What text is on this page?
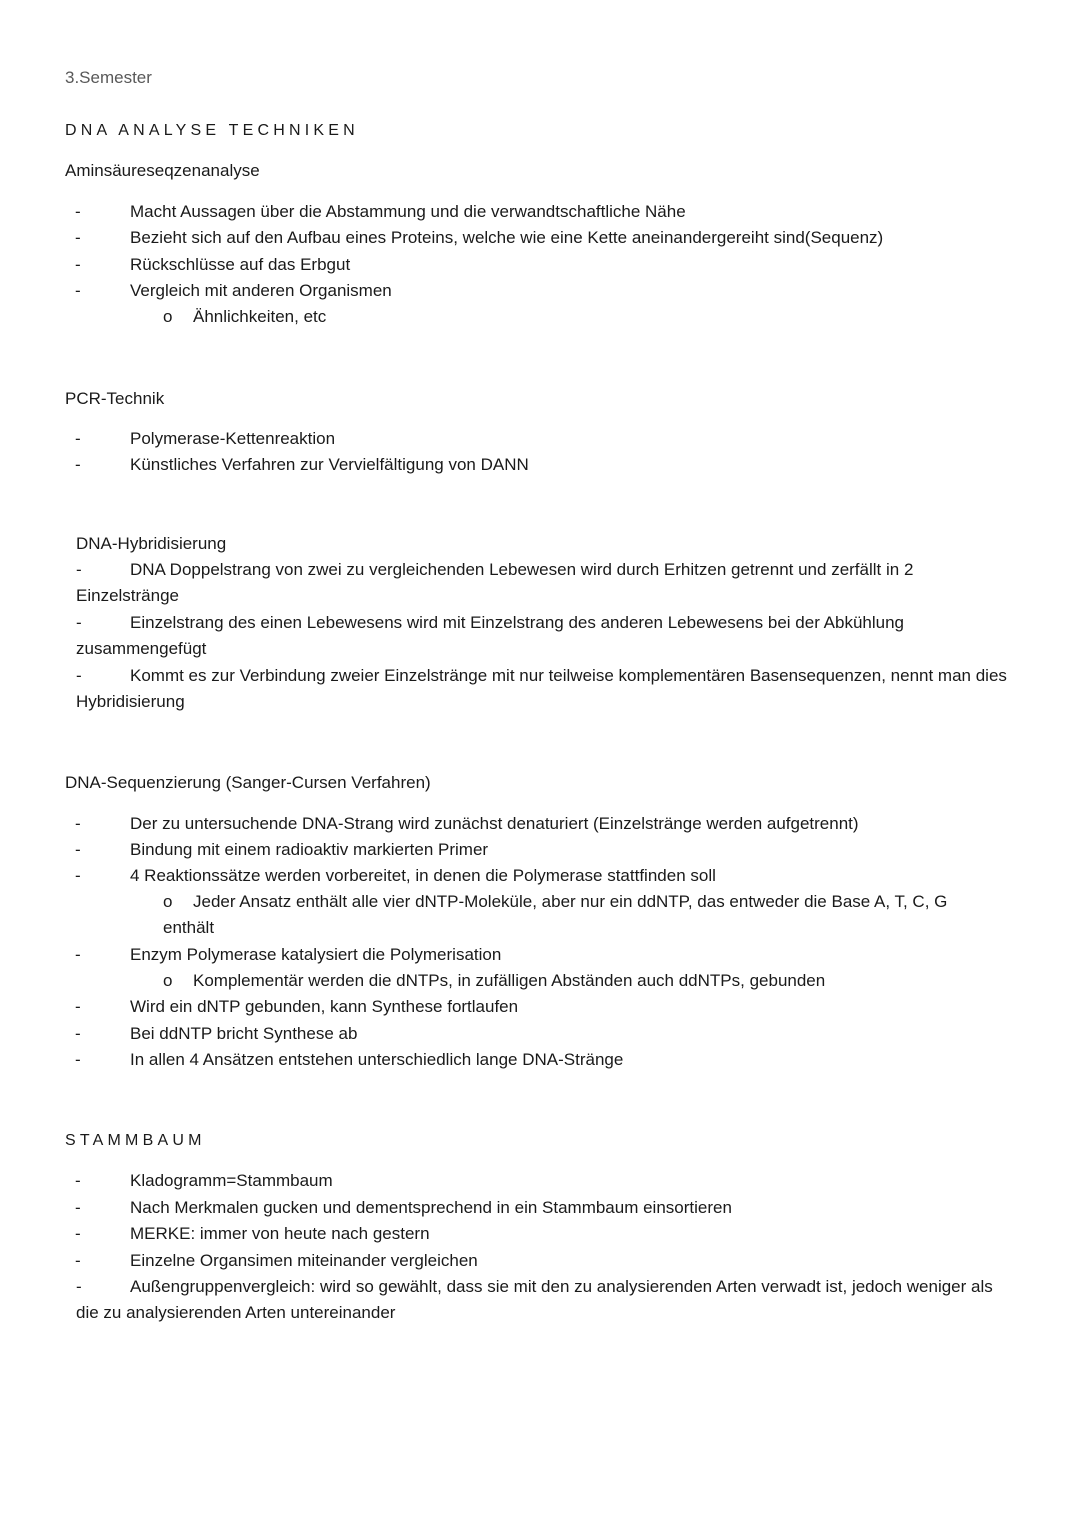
3.Semester
DNA ANALYSE TECHNIKEN
Aminsäureseqzenanalyse
-	Macht Aussagen über die Abstammung und die verwandtschaftliche Nähe
-	Bezieht sich auf den Aufbau eines Proteins, welche wie eine Kette aneinandergereiht sind(Sequenz)
-	Rückschlüsse auf das Erbgut
-	Vergleich mit anderen Organismen
o Ähnlichkeiten, etc
PCR-Technik
-	Polymerase-Kettenreaktion
-	Künstliches Verfahren zur Vervielfältigung von DANN
DNA-Hybridisierung
-	DNA Doppelstrang von zwei zu vergleichenden Lebewesen wird durch Erhitzen getrennt und zerfällt in 2 Einzelstränge
-	Einzelstrang des einen Lebewesens wird mit Einzelstrang des anderen Lebewesens bei der Abkühlung zusammengefügt
-	Kommt es zur Verbindung zweier Einzelstränge mit nur teilweise komplementären Basensequenzen, nennt man dies Hybridisierung
DNA-Sequenzierung (Sanger-Cursen Verfahren)
-	Der zu untersuchende DNA-Strang wird zunächst denaturiert (Einzelstränge werden aufgetrennt)
-	Bindung mit einem radioaktiv markierten Primer
-	4 Reaktionssätze werden vorbereitet, in denen die Polymerase stattfinden soll
o Jeder Ansatz enthält alle vier dNTP-Moleküle, aber nur ein ddNTP, das entweder die Base A, T, C, G
enthält
-	Enzym Polymerase katalysiert die Polymerisation
o Komplementär werden die dNTPs, in zufälligen Abständen auch ddNTPs, gebunden
-	Wird ein dNTP gebunden, kann Synthese fortlaufen
-	Bei ddNTP bricht Synthese ab
-	In allen 4 Ansätzen entstehen unterschiedlich lange DNA-Stränge
STAMMBAUM
-	Kladogramm=Stammbaum
-	Nach Merkmalen gucken und dementsprechend in ein Stammbaum einsortieren
-	MERKE: immer von heute nach gestern
-	Einzelne Organsimen miteinander vergleichen
-	Außengruppenvergleich: wird so gewählt, dass sie mit den zu analysierenden Arten verwadt ist, jedoch weniger als die zu analysierenden Arten untereinander
